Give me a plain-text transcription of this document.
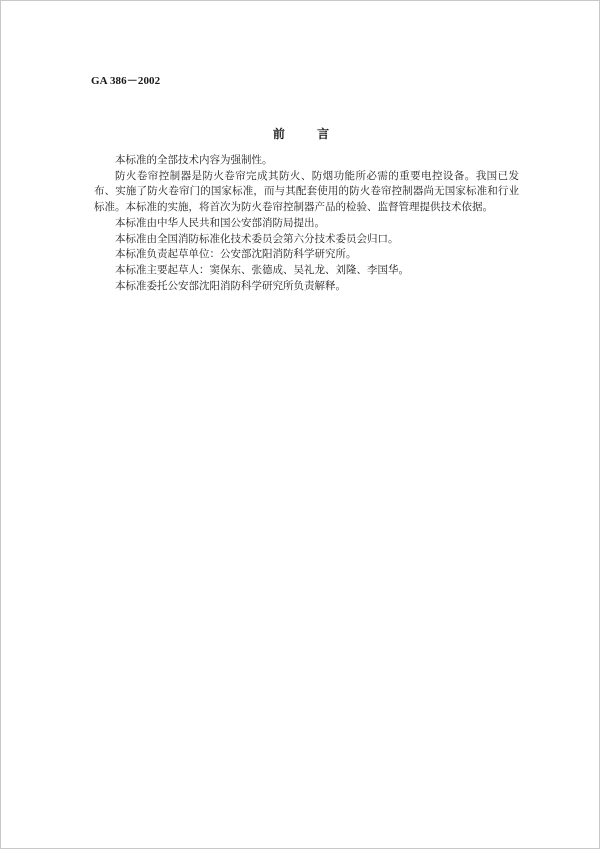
GA 386－2002
前 言

本标准的全部技术内容为强制性。

防火卷帘控制器是防火卷帘完成其防火、防烟功能所必需的重要电控设备。我国已发布、实施了防火卷帘门的国家标准，而与其配套使用的防火卷帘控制器尚无国家标准和行业标准。本标准的实施，将首次为防火卷帘控制器产品的检验、监督管理提供技术依据。

本标准由中华人民共和国公安部消防局提出。

本标准由全国消防标准化技术委员会第六分技术委员会归口。

本标准负责起草单位：公安部沈阳消防科学研究所。

本标准主要起草人：窦保东、张德成、吴礼龙、刘隆、李国华。

本标准委托公安部沈阳消防科学研究所负责解释。
